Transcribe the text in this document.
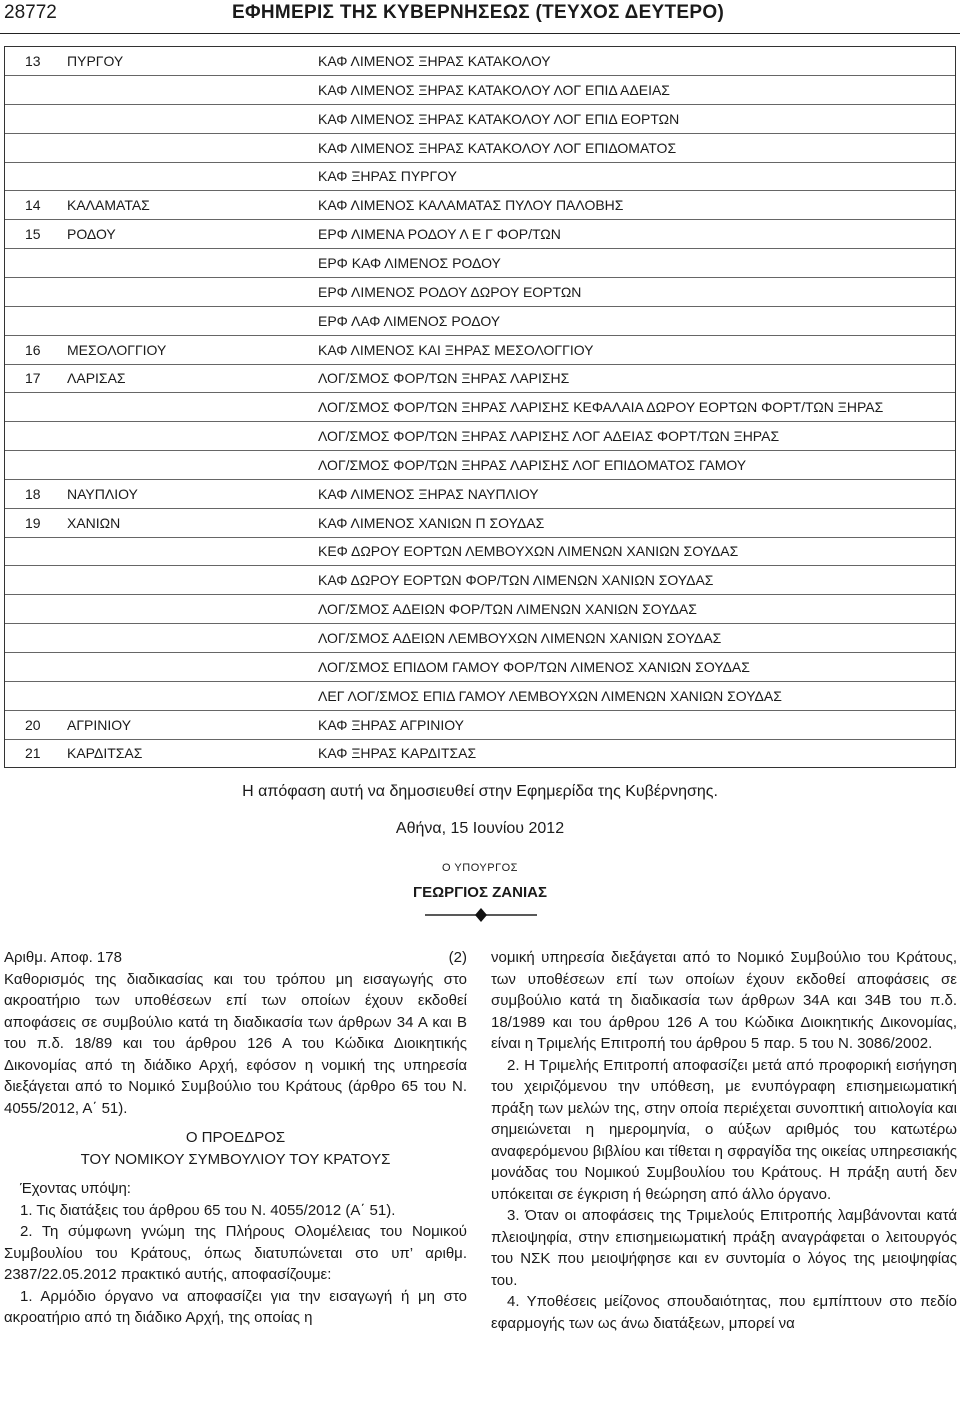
28772	ΕΦΗΜΕΡΙΣ ΤΗΣ ΚΥΒΕΡΝΗΣΕΩΣ (ΤΕΥΧΟΣ ΔΕΥΤΕΡΟ)
13 ΠΥΡΓΟΥ	ΚΑΦ ΛΙΜΕΝΟΣ ΞΗΡΑΣ ΚΑΤΑΚΟΛΟΥ
ΚΑΦ ΛΙΜΕΝΟΣ ΞΗΡΑΣ ΚΑΤΑΚΟΛΟΥ ΛΟΓ ΕΠΙΔ ΑΔΕΙΑΣ
ΚΑΦ ΛΙΜΕΝΟΣ ΞΗΡΑΣ ΚΑΤΑΚΟΛΟΥ ΛΟΓ ΕΠΙΔ ΕΟΡΤΩΝ
ΚΑΦ ΛΙΜΕΝΟΣ ΞΗΡΑΣ ΚΑΤΑΚΟΛΟΥ ΛΟΓ ΕΠΙΔΟΜΑΤΟΣ
ΚΑΦ ΞΗΡΑΣ ΠΥΡΓΟΥ
14 ΚΑΛΑΜΑΤΑΣ	ΚΑΦ ΛΙΜΕΝΟΣ ΚΑΛΑΜΑΤΑΣ ΠΥΛΟΥ ΠΑΛΟΒΗΣ
15 ΡΟΔΟΥ	ΕΡΦ ΛΙΜΕΝΑ ΡΟΔΟΥ Λ Ε Γ ΦΟΡ/ΤΩΝ
ΕΡΦ ΚΑΦ ΛΙΜΕΝΟΣ ΡΟΔΟΥ
ΕΡΦ ΛΙΜΕΝΟΣ ΡΟΔΟΥ ΔΩΡΟΥ ΕΟΡΤΩΝ
ΕΡΦ ΛΑΦ ΛΙΜΕΝΟΣ ΡΟΔΟΥ
16 ΜΕΣΟΛΟΓΓΙΟΥ	ΚΑΦ ΛΙΜΕΝΟΣ ΚΑΙ ΞΗΡΑΣ ΜΕΣΟΛΟΓΓΙΟΥ
17 ΛΑΡΙΣΑΣ	ΛΟΓ/ΣΜΟΣ ΦΟΡ/ΤΩΝ ΞΗΡΑΣ ΛΑΡΙΣΗΣ
ΛΟΓ/ΣΜΟΣ ΦΟΡ/ΤΩΝ ΞΗΡΑΣ ΛΑΡΙΣΗΣ ΚΕΦΑΛΑΙΑ ΔΩΡΟΥ ΕΟΡΤΩΝ ΦΟΡΤ/ΤΩΝ ΞΗΡΑΣ
ΛΟΓ/ΣΜΟΣ ΦΟΡ/ΤΩΝ ΞΗΡΑΣ ΛΑΡΙΣΗΣ ΛΟΓ ΑΔΕΙΑΣ ΦΟΡΤ/ΤΩΝ ΞΗΡΑΣ
ΛΟΓ/ΣΜΟΣ ΦΟΡ/ΤΩΝ ΞΗΡΑΣ ΛΑΡΙΣΗΣ ΛΟΓ ΕΠΙΔΟΜΑΤΟΣ ΓΑΜΟΥ
18 ΝΑΥΠΛΙΟΥ	ΚΑΦ ΛΙΜΕΝΟΣ ΞΗΡΑΣ ΝΑΥΠΛΙΟΥ
19 ΧΑΝΙΩΝ	ΚΑΦ ΛΙΜΕΝΟΣ ΧΑΝΙΩΝ Π ΣΟΥΔΑΣ
ΚΕΦ ΔΩΡΟΥ ΕΟΡΤΩΝ ΛΕΜΒΟΥΧΩΝ ΛΙΜΕΝΩΝ ΧΑΝΙΩΝ ΣΟΥΔΑΣ
ΚΑΦ ΔΩΡΟΥ ΕΟΡΤΩΝ ΦΟΡ/ΤΩΝ ΛΙΜΕΝΩΝ ΧΑΝΙΩΝ ΣΟΥΔΑΣ
ΛΟΓ/ΣΜΟΣ ΑΔΕΙΩΝ ΦΟΡ/ΤΩΝ ΛΙΜΕΝΩΝ ΧΑΝΙΩΝ ΣΟΥΔΑΣ
ΛΟΓ/ΣΜΟΣ ΑΔΕΙΩΝ ΛΕΜΒΟΥΧΩΝ ΛΙΜΕΝΩΝ ΧΑΝΙΩΝ ΣΟΥΔΑΣ
ΛΟΓ/ΣΜΟΣ ΕΠΙΔΟΜ ΓΑΜΟΥ ΦΟΡ/ΤΩΝ ΛΙΜΕΝΟΣ ΧΑΝΙΩΝ ΣΟΥΔΑΣ
ΛΕΓ ΛΟΓ/ΣΜΟΣ ΕΠΙΔ ΓΑΜΟΥ ΛΕΜΒΟΥΧΩΝ ΛΙΜΕΝΩΝ ΧΑΝΙΩΝ ΣΟΥΔΑΣ
20 ΑΓΡΙΝΙΟΥ	ΚΑΦ ΞΗΡΑΣ ΑΓΡΙΝΙΟΥ
21 ΚΑΡΔΙΤΣΑΣ	ΚΑΦ ΞΗΡΑΣ ΚΑΡΔΙΤΣΑΣ
Η απόφαση αυτή να δημοσιευθεί στην Εφημερίδα της Κυβέρνησης.
Αθήνα, 15 Ιουνίου 2012
Ο ΥΠΟΥΡΓΟΣ
ΓΕΩΡΓΙΟΣ ΖΑΝΙΑΣ
Αριθμ. Αποφ. 178	(2)

Καθορισμός της διαδικασίας και του τρόπου μη εισαγωγής στο ακροατήριο των υποθέσεων επί των οποίων έχουν εκδοθεί αποφάσεις σε συμβούλιο κατά τη διαδικασία των άρθρων 34 Α και Β του π.δ. 18/89 και του άρθρου 126 Α του Κώδικα Διοικητικής Δικονομίας από τη διάδικο Αρχή, εφόσον η νομική της υπηρεσία διεξάγεται από το Νομικό Συμβούλιο του Κράτους (άρθρο 65 του Ν. 4055/2012, Α΄ 51).

Ο ΠΡΟΕΔΡΟΣ
ΤΟΥ ΝΟΜΙΚΟΥ ΣΥΜΒΟΥΛΙΟΥ ΤΟΥ ΚΡΑΤΟΥΣ

Έχοντας υπόψη:

1. Τις διατάξεις του άρθρου 65 του Ν. 4055/2012 (Α΄ 51).

2. Τη σύμφωνη γνώμη της Πλήρους Ολομέλειας του Νομικού Συμβουλίου του Κράτους, όπως διατυπώνεται στο υπ’ αριθμ. 2387/22.05.2012 πρακτικό αυτής, αποφασίζουμε:

1. Αρμόδιο όργανο να αποφασίζει για την εισαγωγή ή μη στο ακροατήριο από τη διάδικο Αρχή, της οποίας η

νομική υπηρεσία διεξάγεται από το Νομικό Συμβούλιο του Κράτους, των υποθέσεων επί των οποίων έχουν εκδοθεί αποφάσεις σε συμβούλιο κατά τη διαδικασία των άρθρων 34Α και 34Β του π.δ. 18/1989 και του άρθρου 126 Α του Κώδικα Διοικητικής Δικονομίας, είναι η Τριμελής Επιτροπή του άρθρου 5 παρ. 5 του Ν. 3086/2002.

2. Η Τριμελής Επιτροπή αποφασίζει μετά από προφορική εισήγηση του χειριζόμενου την υπόθεση, με ενυπόγραφη επισημειωματική πράξη των μελών της, στην οποία περιέχεται συνοπτική αιτιολογία και σημειώνεται η ημερομηνία, ο αύξων αριθμός του κατωτέρω αναφερόμενου βιβλίου και τίθεται η σφραγίδα της οικείας υπηρεσιακής μονάδας του Νομικού Συμβουλίου του Κράτους. Η πράξη αυτή δεν υπόκειται σε έγκριση ή θεώρηση από άλλο όργανο.

3. Όταν οι αποφάσεις της Τριμελούς Επιτροπής λαμβάνονται κατά πλειοψηφία, στην επισημειωματική πράξη αναγράφεται ο λειτουργός του ΝΣΚ που μειοψήφησε και εν συντομία ο λόγος της μειοψηφίας του.

4. Υποθέσεις μείζονος σπουδαιότητας, που εμπίπτουν στο πεδίο εφαρμογής των ως άνω διατάξεων, μπορεί να
